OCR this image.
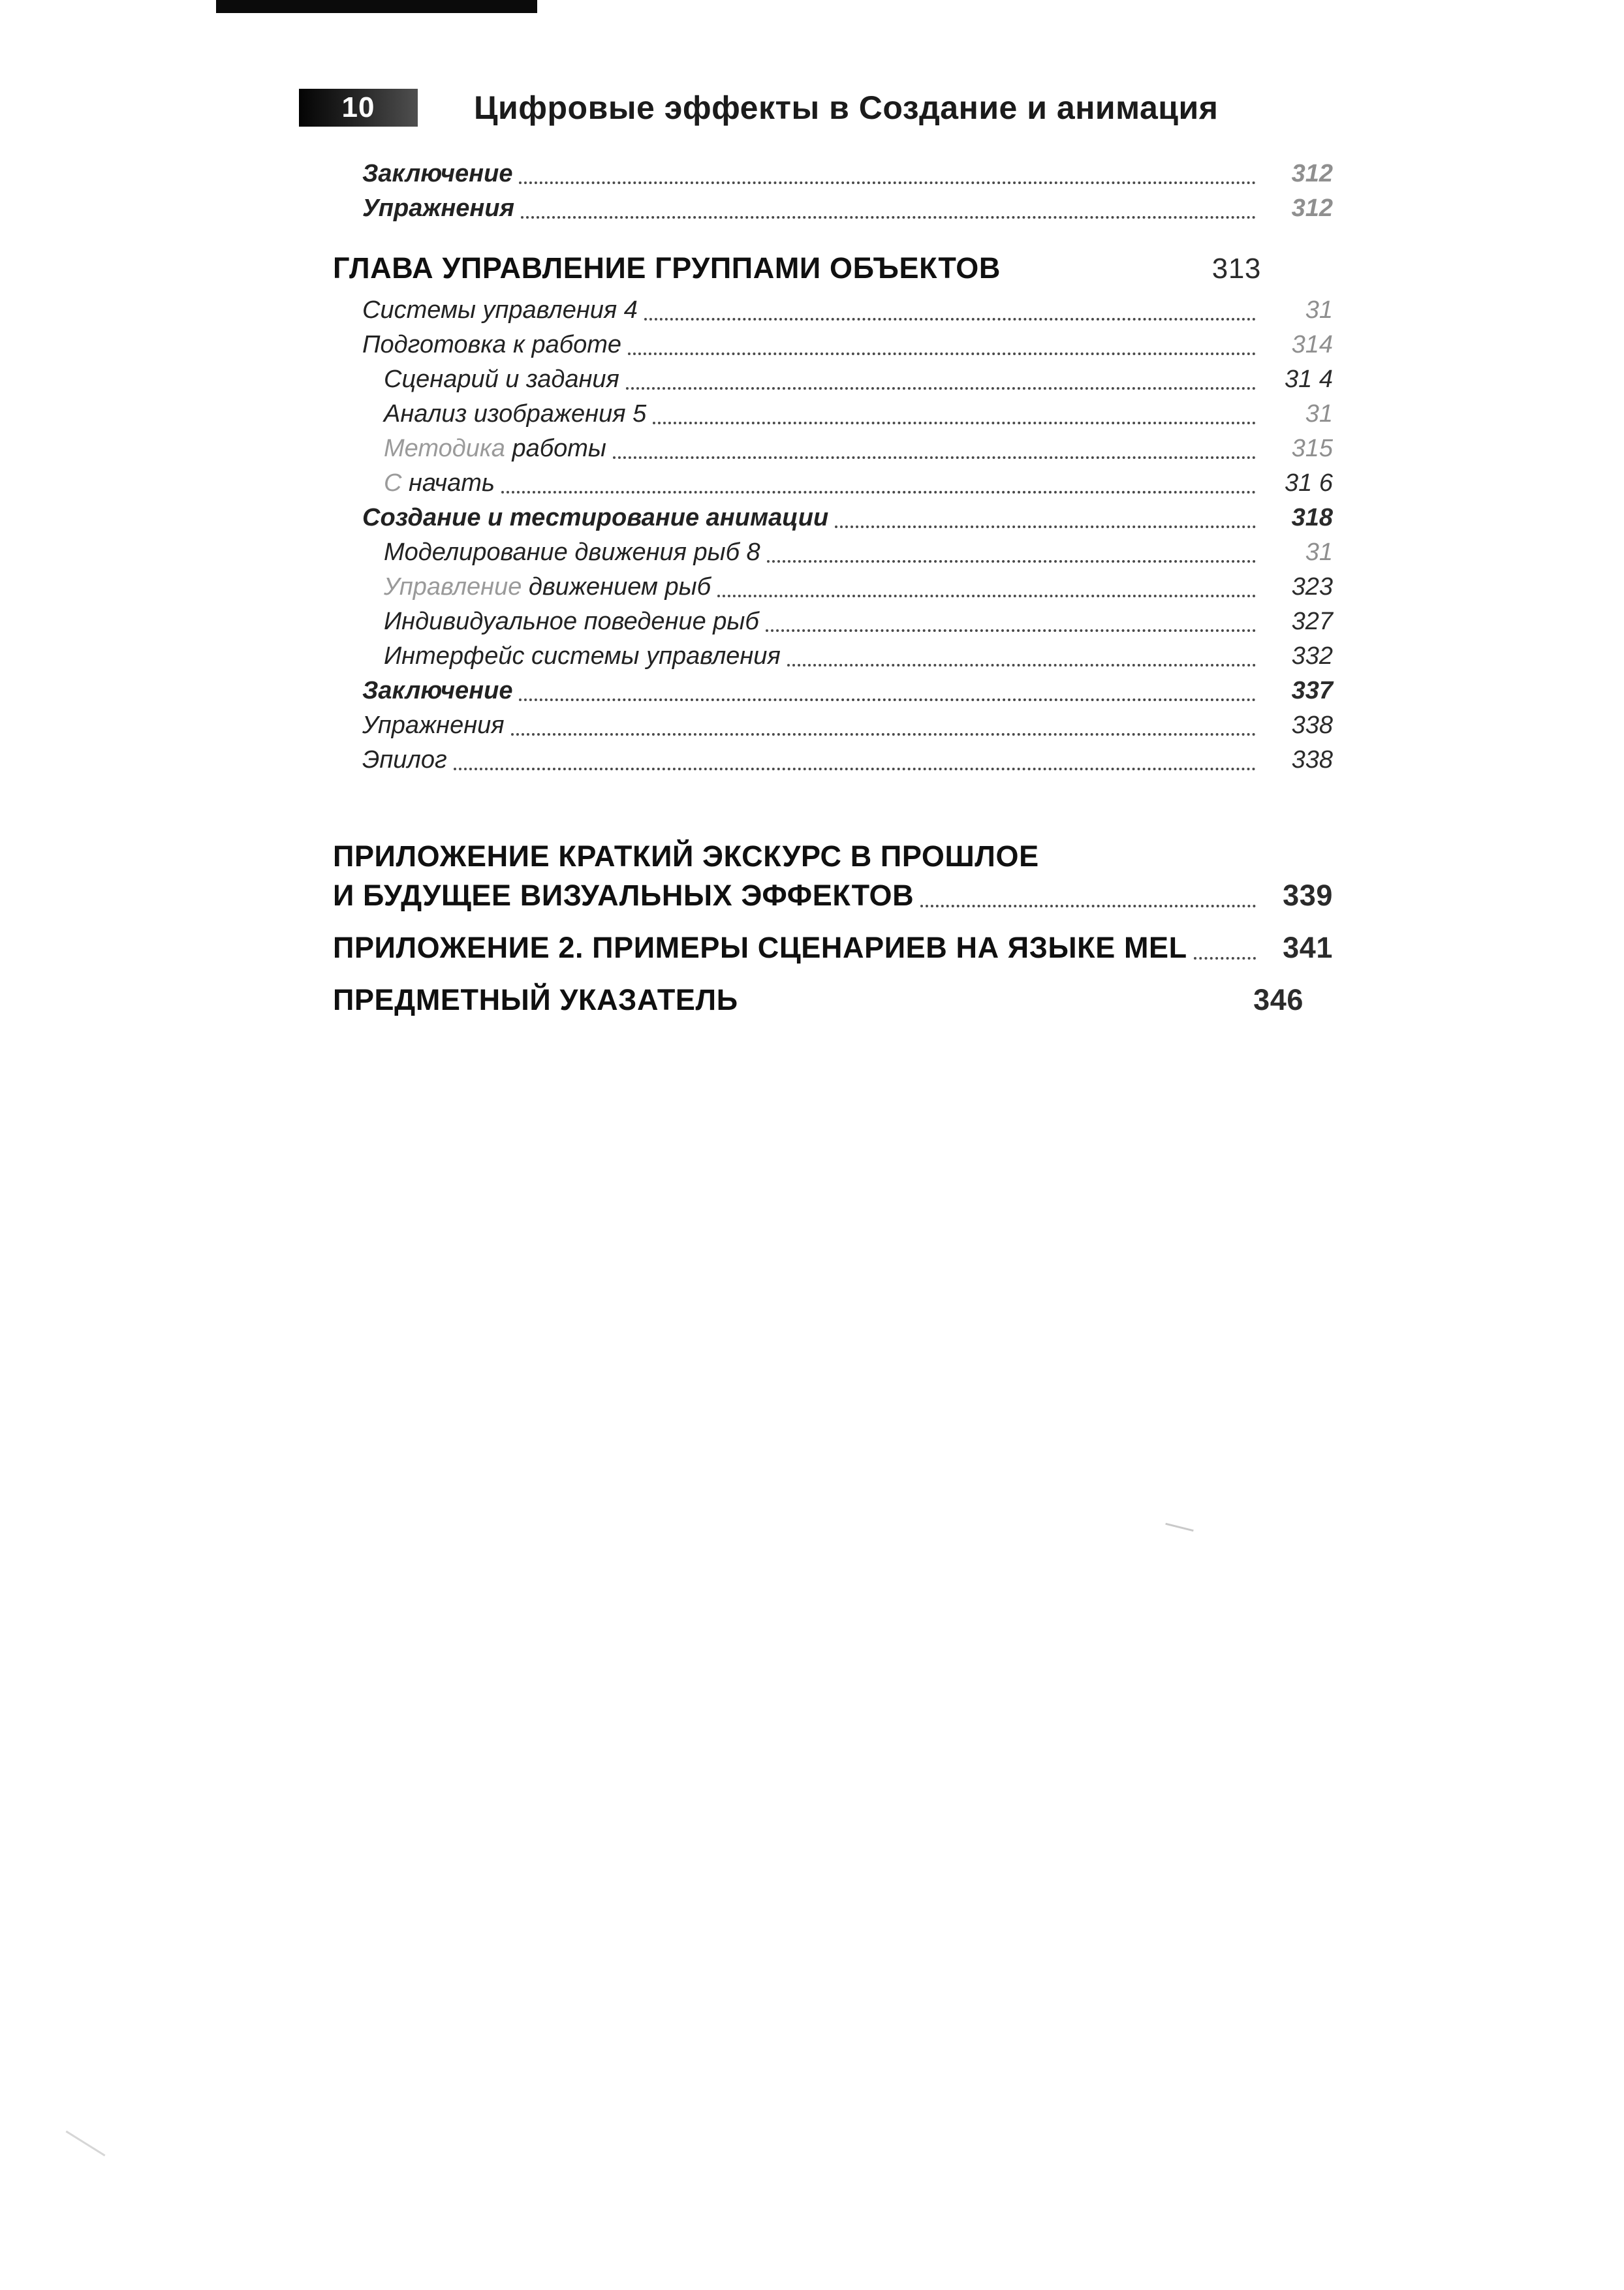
10	Цифровые эффекты в Создание и анимация
Заключение	312
Упражнения	312
ГЛАВА УПРАВЛЕНИЕ ГРУППАМИ ОБЪЕКТОВ	313
Системы управления 4	31
Подготовка к работе	314
Сценарий и задания	31 4
Анализ изображения 5	31
Методика работы	315
С начать	31 6
Создание и тестирование анимации	318
Моделирование движения рыб 8	31
Управление движением рыб	323
Индивидуальное поведение рыб	327
Интерфейс системы управления	332
Заключение	337
Упражнения	338
Эпилог	338
ПРИЛОЖЕНИЕ КРАТКИЙ ЭКСКУРС В ПРОШЛОЕ
И БУДУЩЕЕ ВИЗУАЛЬНЫХ ЭФФЕКТОВ	339
ПРИЛОЖЕНИЕ 2. ПРИМЕРЫ СЦЕНАРИЕВ НА ЯЗЫКЕ MEL	341
ПРЕДМЕТНЫЙ УКАЗАТЕЛЬ	346
